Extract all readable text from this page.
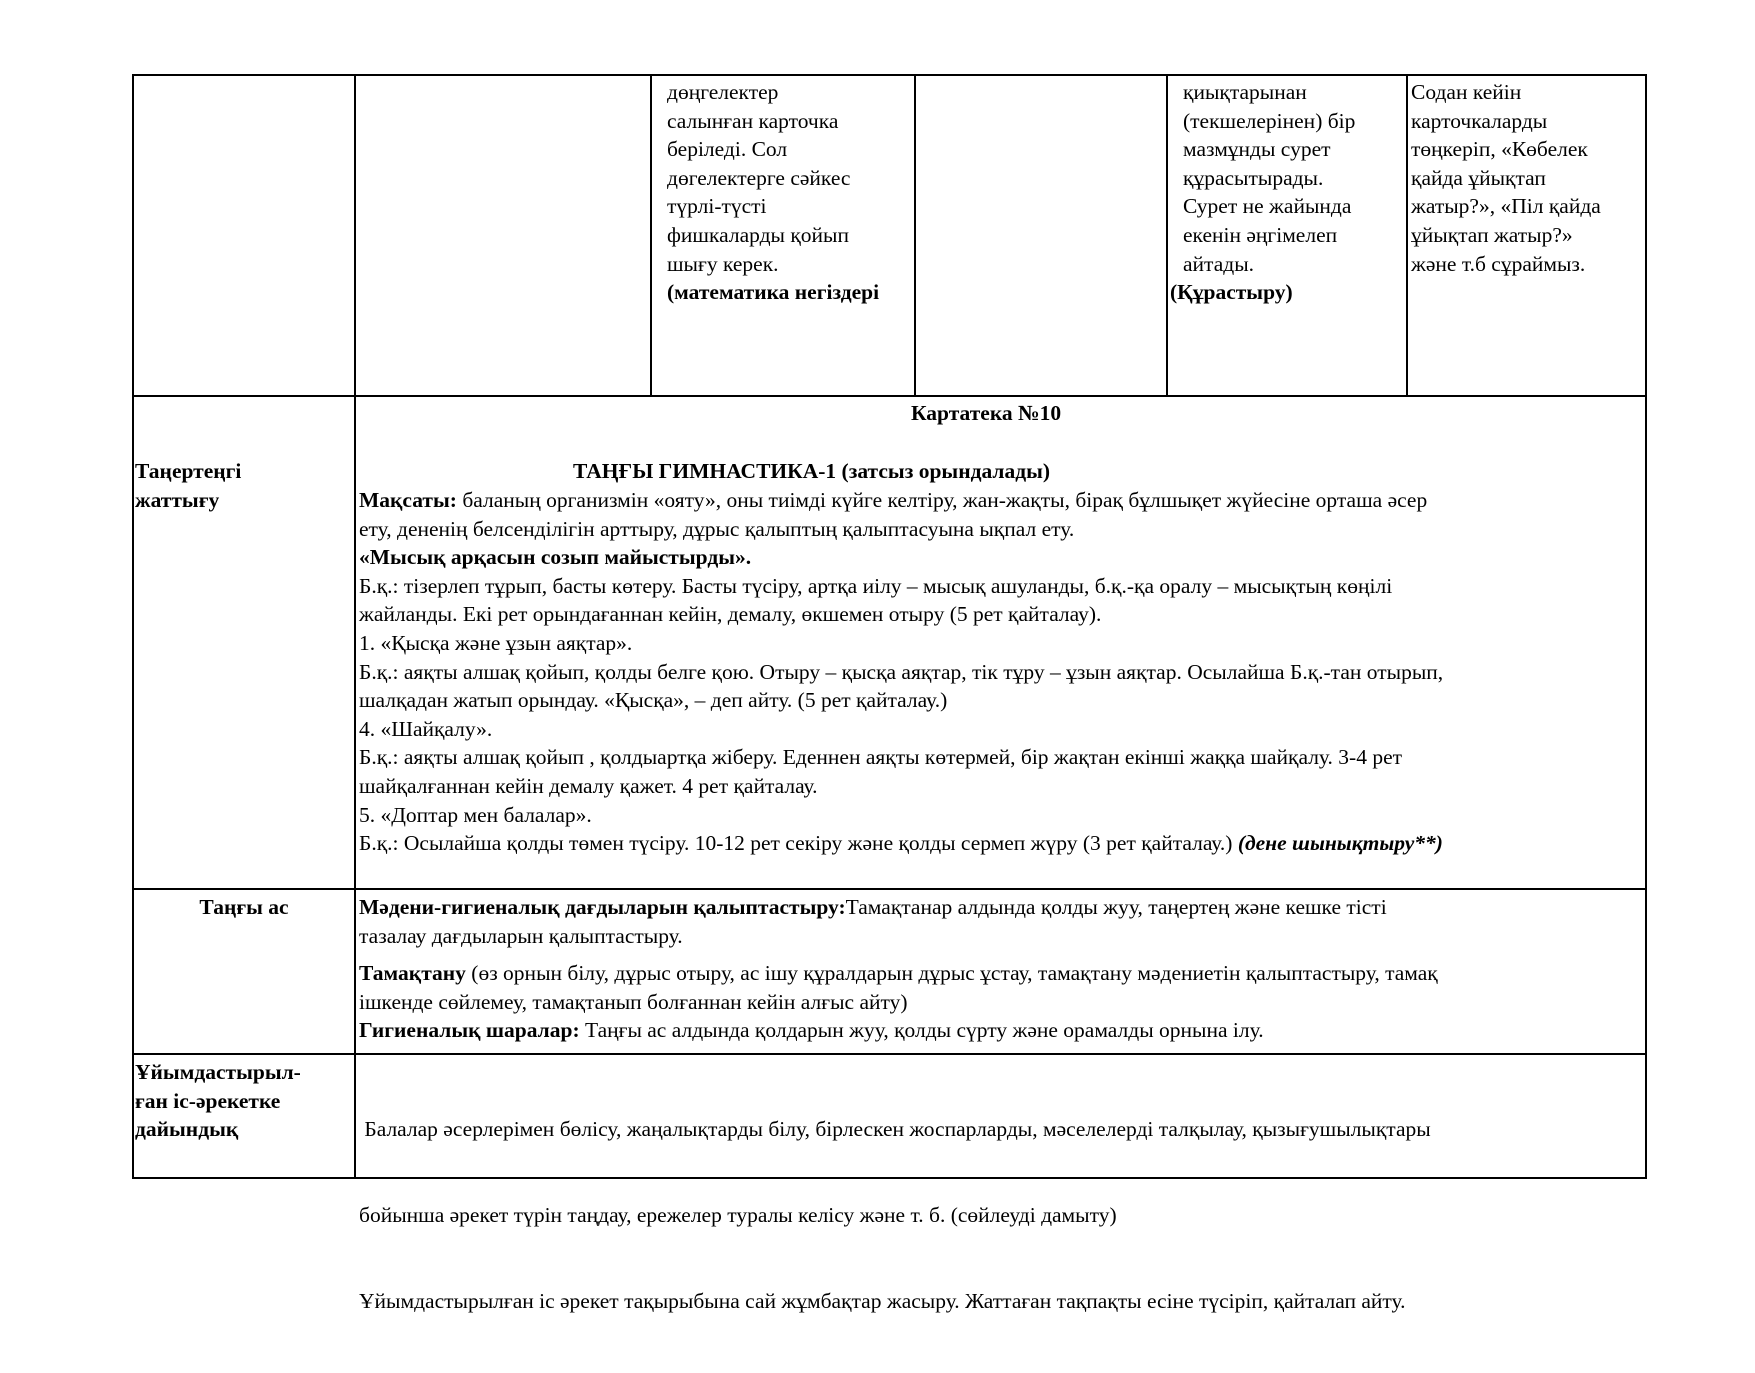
дөңгелектер

салынған карточка

беріледі. Сол

дөгелектерге сәйкес

түрлі-түсті

фишкаларды қойып

шығу керек.

(математика негіздері

қиықтарынан

(текшелерінен) бір

мазмұнды сурет

құрасытырады.

Сурет не жайында

екенін әңгімелеп

айтады.

(Құрастыру)

Содан кейін

карточкаларды

төңкеріп, «Көбелек

қайда ұйықтап

жатыр?», «Піл қайда

ұйықтап жатыр?»

және т.б сұраймыз.

Таңертеңгі

жаттығу

Картатека №10
ТАҢҒЫ ГИМНАСТИКА-1 (затсыз орындалады)

Мақсаты: баланың организмін «ояту», оны тиімді күйге келтіру, жан-жақты, бірақ бұлшықет жүйесіне орташа әсер

ету, дененің белсенділігін арттыру, дұрыс қалыптың қалыптасуына ықпал ету.

«Мысық арқасын созып майыстырды».

Б.қ.: тізерлеп тұрып, басты көтеру. Басты түсіру, артқа иілу – мысық ашуланды, б.қ.-қа оралу – мысықтың көңілі

жайланды. Екі рет орындағаннан кейін, демалу, өкшемен отыру (5 рет қайталау).

1. «Қысқа және ұзын аяқтар».

Б.қ.: аяқты алшақ қойып, қолды белге қою. Отыру – қысқа аяқтар, тік тұру – ұзын аяқтар. Осылайша Б.қ.-тан отырып,

шалқадан жатып орындау. «Қысқа», – деп айту. (5 рет қайталау.)

4. «Шайқалу».

Б.қ.: аяқты алшақ қойып , қолдыартқа жіберу. Еденнен аяқты көтермей, бір жақтан екінші жаққа шайқалу. 3-4 рет

шайқалғаннан кейін демалу қажет. 4 рет қайталау.

5. «Доптар мен балалар».

Б.қ.: Осылайша қолды төмен түсіру. 10-12 рет секіру және қолды сермеп жүру (3 рет қайталау.) (дене шынықтыру**)

Таңғы ас	Мәдени-гигиеналық дағдыларын қалыптастыру:Тамақтанар алдында қолды жуу, таңертең және кешке тісті

тазалау дағдыларын қалыптастыру.

Тамақтану (өз орнын білу, дұрыс отыру, ас ішу құралдарын дұрыс ұстау, тамақтану мәдениетін қалыптастыру, тамақ

ішкенде сөйлемеу, тамақтанып болғаннан кейін алғыс айту)

Гигиеналық шаралар: Таңғы ас алдында қолдарын жуу, қолды сүрту және орамалды орнына ілу.

Ұйымдастырыл-

ған іс-әрекетке

дайындық

	Балалар әсерлерімен бөлісу, жаңалықтарды білу, бірлескен жоспарларды, мәселелерді талқылау, қызығушылықтары

бойынша әрекет түрін таңдау, ережелер туралы келісу және т. б. (сөйлеуді дамыту)

Ұйымдастырылған іс әрекет тақырыбына сай жұмбақтар жасыру. Жаттаған тақпақты есіне түсіріп, қайталап айту.
